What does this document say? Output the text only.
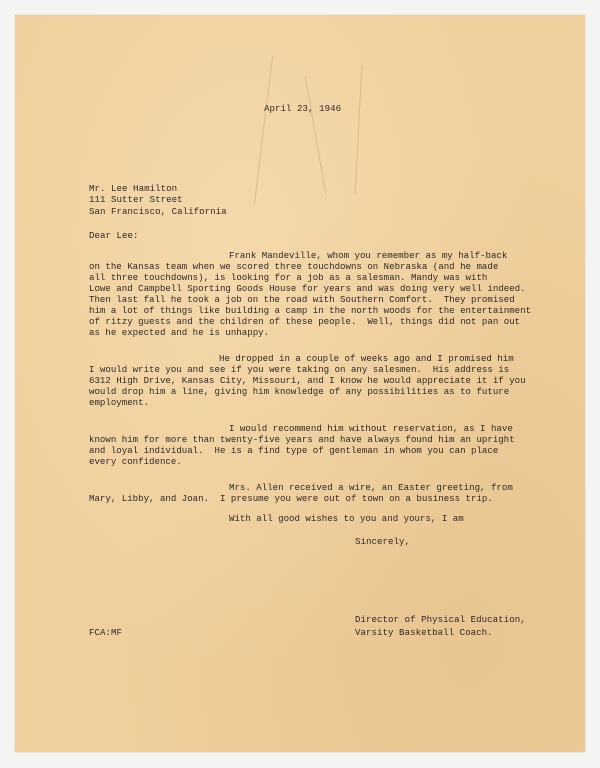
April 23, 1946
Mr. Lee Hamilton
111 Sutter Street
San Francisco, California
Dear Lee:
Frank Mandeville, whom you remember as my half-back
on the Kansas team when we scored three touchdowns on Nebraska (and he made
all three touchdowns), is looking for a job as a salesman. Mandy was with
Lowe and Campbell Sporting Goods House for years and was doing very well indeed.
Then last fall he took a job on the road with Southern Comfort.  They promised
him a lot of things like building a camp in the north woods for the entertainment
of ritzy guests and the children of these people.  Well, things did not pan out
as he expected and he is unhappy.
He dropped in a couple of weeks ago and I promised him
I would write you and see if you were taking on any salesmen.  His address is
6312 High Drive, Kansas City, Missouri, and I know he would appreciate it if you
would drop him a line, giving him knowledge of any possibilities as to future
employment.
I would recommend him without reservation, as I have
known him for more than twenty-five years and have always found him an upright
and loyal individual.  He is a find type of gentleman in whom you can place
every confidence.
Mrs. Allen received a wire, an Easter greeting, from
Mary, Libby, and Joan.  I presume you were out of town on a business trip.
With all good wishes to you and yours, I am
Sincerely,
Director of Physical Education,
FCA:MF	Varsity Basketball Coach.
